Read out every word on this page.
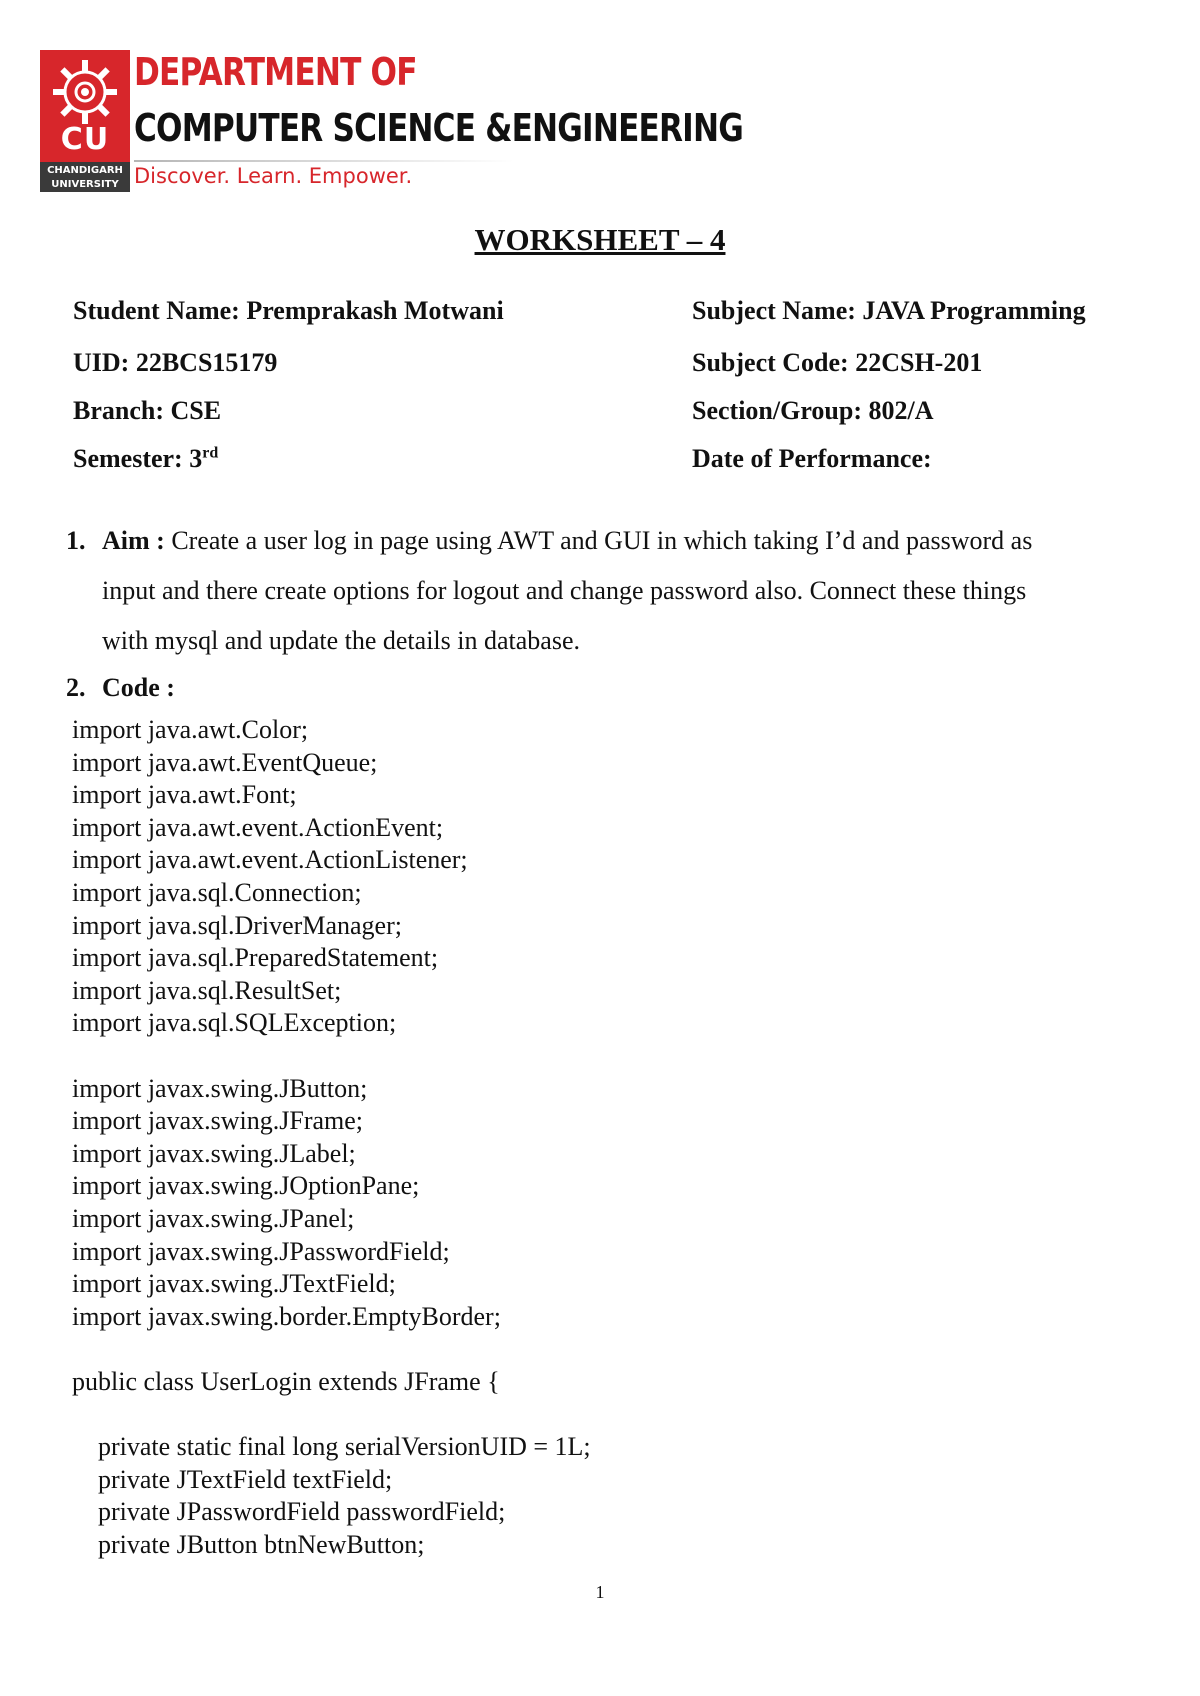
CU
CHANDIGARH UNIVERSITY
DEPARTMENT OF
COMPUTER SCIENCE &ENGINEERING
Discover. Learn. Empower.
WORKSHEET – 4
Student Name: Premprakash Motwani
UID: 22BCS15179
Branch: CSE
Semester: 3rd
Subject Name: JAVA Programming
Subject Code: 22CSH-201
Section/Group: 802/A
Date of Performance:
1. Aim : Create a user log in page using AWT and GUI in which taking I’d and password as
input and there create options for logout and change password also. Connect these things
with mysql and update the details in database.
2. Code :
import java.awt.Color;
import java.awt.EventQueue;
import java.awt.Font;
import java.awt.event.ActionEvent;
import java.awt.event.ActionListener;
import java.sql.Connection;
import java.sql.DriverManager;
import java.sql.PreparedStatement;
import java.sql.ResultSet;
import java.sql.SQLException;

import javax.swing.JButton;
import javax.swing.JFrame;
import javax.swing.JLabel;
import javax.swing.JOptionPane;
import javax.swing.JPanel;
import javax.swing.JPasswordField;
import javax.swing.JTextField;
import javax.swing.border.EmptyBorder;

public class UserLogin extends JFrame {

private static final long serialVersionUID = 1L;
private JTextField textField;
private JPasswordField passwordField;
private JButton btnNewButton;
1
